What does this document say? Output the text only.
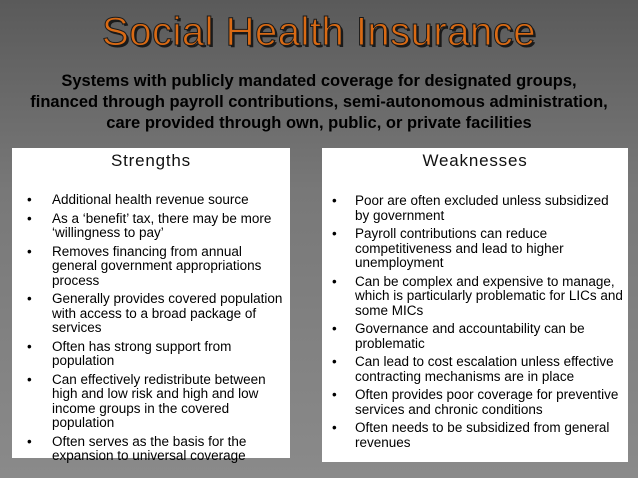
Social Health Insurance
Systems with publicly mandated coverage for designated groups, financed through payroll contributions, semi-autonomous administration, care provided through own, public, or private facilities
Strengths
• Additional health revenue source
• As a ‘benefit’ tax, there may be more ‘willingness to pay’
• Removes financing from annual general government appropriations process
• Generally provides covered population with access to a broad package of services
• Often has strong support from population
• Can effectively redistribute between high and low risk and high and low income groups in the covered population
• Often serves as the basis for the expansion to universal coverage
Weaknesses
• Poor are often excluded unless subsidized by government
• Payroll contributions can reduce competitiveness and lead to higher unemployment
• Can be complex and expensive to manage, which is particularly problematic for LICs and some MICs
• Governance and accountability can be problematic
• Can lead to cost escalation unless effective contracting mechanisms are in place
• Often provides poor coverage for preventive services and chronic conditions
• Often needs to be subsidized from general revenues
